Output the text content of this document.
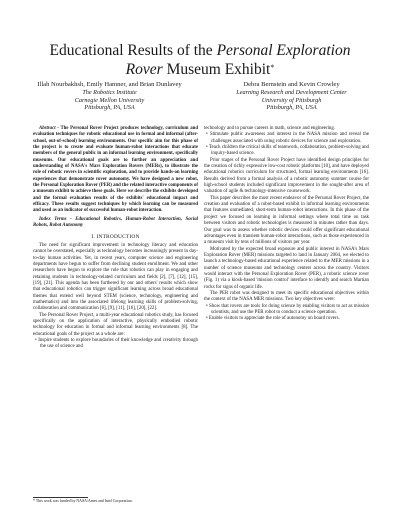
Educational Results of the Personal Exploration Rover Museum Exhibit*
Illah Nourbakhsh, Emily Hamner, and Brian Dunlavey
The Robotics Institute
Carnegie Mellon University
Pittsburgh, PA, USA
Debra Bernstein and Kevin Crowley
Learning Research and Development Center
University of Pittsburgh
Pittsburgh, PA, USA

Abstract - The Personal Rover Project produces technology, curriculum and evaluation techniques for robotic educational use in formal and informal (after-school, out-of-school) learning environments. Our specific aim for this phase of the project is to create and evaluate human-robot interactions that educate members of the general public in an informal learning environment, specifically museums. Our educational goals are to further an appreciation and understanding of NASA's Mars Exploration Rovers (MERs), to illustrate the role of robotic rovers in scientific exploration, and to provide hands-on learning experiences that demonstrate rover autonomy. We have designed a new robot, the Personal Exploration Rover (PER) and the related interactive components of a museum exhibit to achieve these goals. Here we describe the exhibits developed and the formal evaluation results of the exhibits' educational impact and efficacy. These results suggest techniques by which learning can be measured and used as an indicator of successful human-robot interaction.

Index Terms - Educational Robotics, Human-Robot Interaction, Social Robots, Robot Autonomy

I. INTRODUCTION

The need for significant improvement in technology literacy and education cannot be overstated, especially as technology becomes increasingly present in day-to-day human activities. Yet, in recent years, computer science and engineering departments have begun to suffer from declining student enrollment. We and other researchers have begun to explore the role that robotics can play in engaging and retaining students in technology-related curriculum and fields [2], [7], [12], [15], [19], [21]. This agenda has been furthered by our and others' results which show that educational robotics can trigger significant learning across broad educational themes that extend well beyond STEM (science, technology, engineering and mathematics) and into the associated lifelong learning skills of problem-solving, collaboration and communication [6], [9], [11], [16], [20], [22].

The Personal Rover Project, a multi-year educational robotics study, has focused specifically on the application of interactive, physically embodied robotic technology for education in formal and informal learning environments [8]. The educational goals of the project as a whole are:

• Inspire students to explore boundaries of their knowledge and creativity through the use of science and

technology and to pursue careers in math, science and engineering.

• Stimulate public awareness and interest in the NASA mission and reveal the challenges associated with using robotic devices for science and exploration.

• Teach children the critical skills of teamwork, collaboration, problem-solving and inquiry-based science.

Prior stages of the Personal Rover Project have identified design principles for the creation of richly expressive low-cost robotic platforms [10], and have deployed educational robotics curriculum for structured, formal learning environments [16]. Results derived from a formal analysis of a robotic autonomy summer course for high-school students included significant improvement in the sought-after area of valuation of agile & technology-intensive coursework.

This paper describes the most recent endeavor of the Personal Rover Project, the creation and evaluation of a robot-based exhibit in informal learning environments that features unmediated, short-term human-robot interactions. In this phase of the project we focused on learning in informal settings where total time on task between visitors and robotic technologies is measured in minutes rather than days. Our goal was to assess whether robotic devices could offer significant educational advantages even in transient human-robot interactions, such as those experienced in a museum visit by tens of millions of visitors per year.

Motivated by the expected broad exposure and public interest in NASA's Mars Exploration Rover (MER) missions targeted to land in January 2004, we elected to launch a technology-based educational experience related to the MER missions in a number of science museums and technology centers across the country. Visitors would interact with the Personal Exploration Rover (PER), a robotic science rover (Fig. 1) via a kiosk-based 'mission control' interface to identify and search Martian rocks for signs of organic life.

The PER robot was designed to meet its specific educational objectives within the context of the NASA MER missions. Two key objectives were:

• Show that rovers are tools for doing science by enabling visitors to act as mission scientists, and use the PER robot to conduct a science operation.

• Enable visitors to appreciate the role of autonomy on board rovers.

* This work was funded by NASA/Ames and Intel Corporation.
